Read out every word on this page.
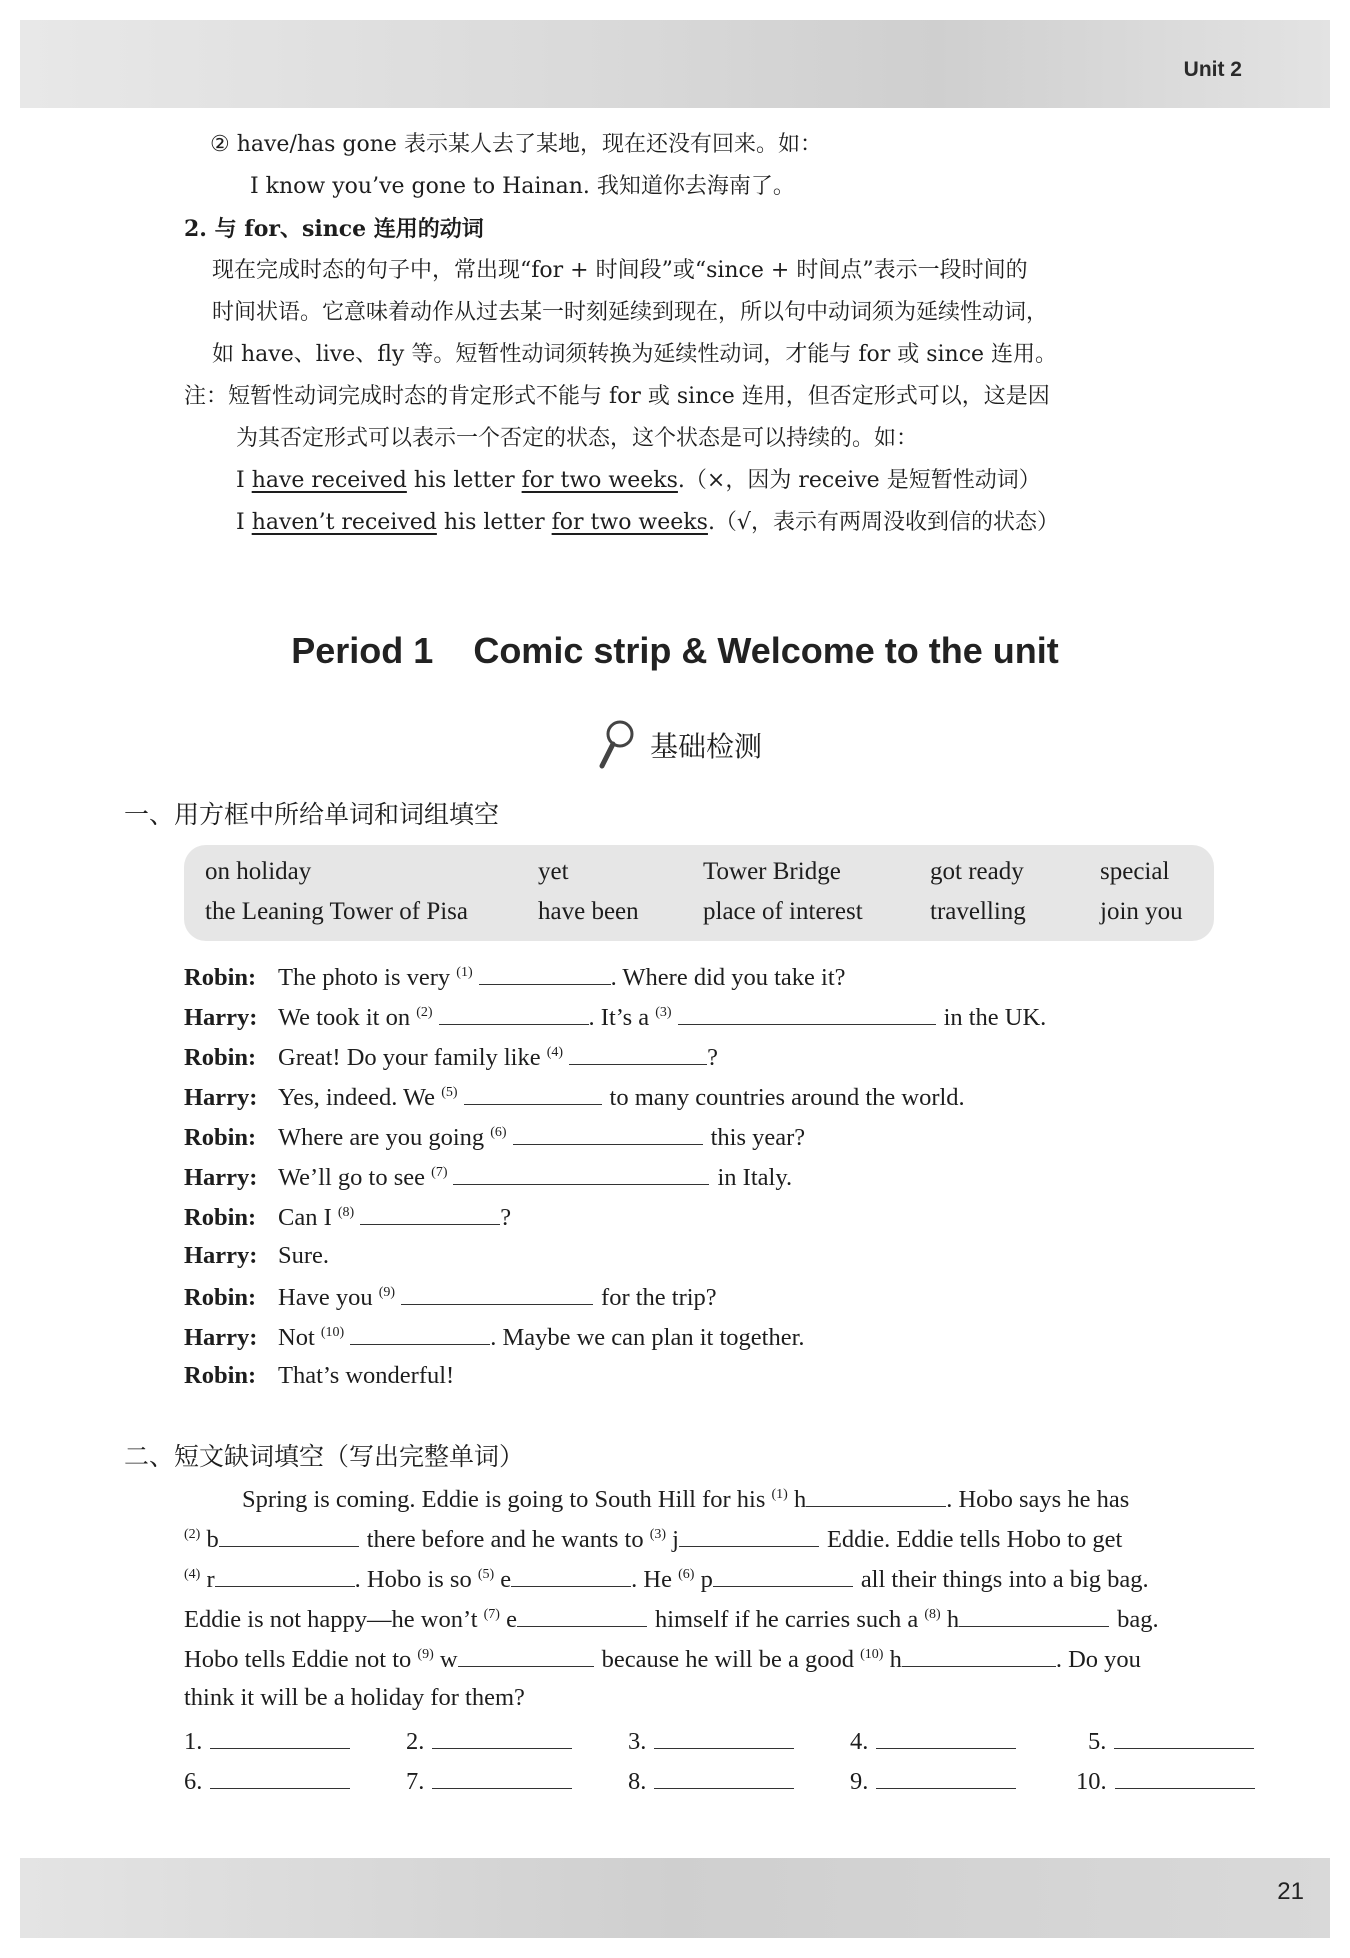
Unit 2
② have/has gone 表示某人去了某地，现在还没有回来。如：
I know you’ve gone to Hainan. 我知道你去海南了。
2. 与 for、since 连用的动词
现在完成时态的句子中，常出现“for + 时间段”或“since + 时间点”表示一段时间的
时间状语。它意味着动作从过去某一时刻延续到现在，所以句中动词须为延续性动词，
如 have、live、fly 等。短暂性动词须转换为延续性动词，才能与 for 或 since 连用。
注：短暂性动词完成时态的肯定形式不能与 for 或 since 连用，但否定形式可以，这是因
为其否定形式可以表示一个否定的状态，这个状态是可以持续的。如：
I have received his letter for two weeks.（×，因为 receive 是短暂性动词）
I haven’t received his letter for two weeks.（√，表示有两周没收到信的状态）
Period 1    Comic strip & Welcome to the unit
基础检测
一、用方框中所给单词和词组填空
on holiday	yet	Tower Bridge	got ready	special
the Leaning Tower of Pisa	have been	place of interest	travelling	join you
Robin: The photo is very $^{(1)}$	. Where did you take it?
Harry: We took it on $^{(2)}$	. It’s a $^{(3)}$	in the UK.
Robin: Great! Do your family like $^{(4)}$	?
Harry: Yes, indeed. We $^{(5)}$	to many countries around the world.
Robin: Where are you going $^{(6)}$	this year?
Harry: We’ll go to see $^{(7)}$	in Italy.
Robin: Can I $^{(8)}$	?
Harry: Sure.
Robin: Have you $^{(9)}$	for the trip?
Harry: Not $^{(10)}$	. Maybe we can plan it together.
Robin: That’s wonderful!
二、短文缺词填空（写出完整单词）
Spring is coming. Eddie is going to South Hill for his $^{(1)}$ h	. Hobo says he has
$^{(2)}$ b	there before and he wants to $^{(3)}$ j	Eddie. Eddie tells Hobo to get
$^{(4)}$ r	. Hobo is so $^{(5)}$ e	. He $^{(6)}$ p	all their things into a big bag.
Eddie is not happy—he won’t $^{(7)}$ e	himself if he carries such a $^{(8)}$ h	bag.
Hobo tells Eddie not to $^{(9)}$ w	because he will be a good $^{(10)}$ h	. Do you
think it will be a holiday for them?
1.	2.	3.	4.	5.
6.	7.	8.	9.	10.
21
